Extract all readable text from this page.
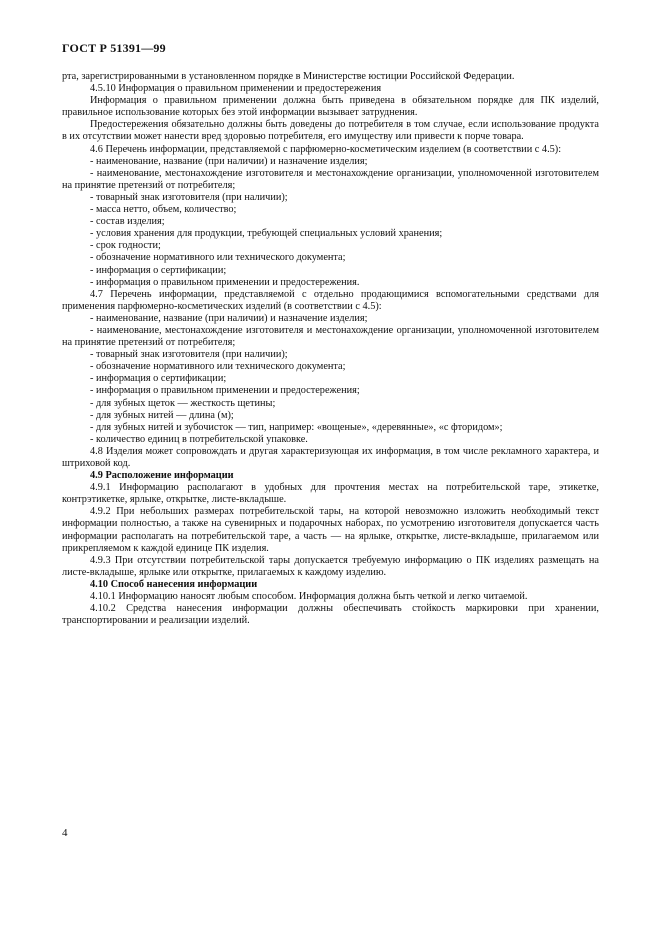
ГОСТ Р 51391—99

рта, зарегистрированными в установленном порядке в Министерстве юстиции Российской Федерации.

4.5.10 Информация о правильном применении и предостережения

Информация о правильном применении должна быть приведена в обязательном порядке для ПК изделий, правильное использование которых без этой информации вызывает затруднения.

Предостережения обязательно должны быть доведены до потребителя в том случае, если использование продукта в их отсутствии может нанести вред здоровью потребителя, его имуществу или привести к порче товара.

4.6 Перечень информации, представляемой с парфюмерно-косметическим изделием (в соответствии с 4.5):

- наименование, название (при наличии) и назначение изделия;

- наименование, местонахождение изготовителя и местонахождение организации, уполномоченной изготовителем на принятие претензий от потребителя;

- товарный знак изготовителя (при наличии);

- масса нетто, объем, количество;

- состав изделия;

- условия хранения для продукции, требующей специальных условий хранения;

- срок годности;

- обозначение нормативного или технического документа;

- информация о сертификации;

- информация о правильном применении и предостережения.

4.7 Перечень информации, представляемой с отдельно продающимися вспомогательными средствами для применения парфюмерно-косметических изделий (в соответствии с 4.5):

- наименование, название (при наличии) и назначение изделия;

- наименование, местонахождение изготовителя и местонахождение организации, уполномоченной изготовителем на принятие претензий от потребителя;

- товарный знак изготовителя (при наличии);

- обозначение нормативного или технического документа;

- информация о сертификации;

- информация о правильном применении и предостережения;

- для зубных щеток — жесткость щетины;

- для зубных нитей — длина (м);

- для зубных нитей и зубочисток — тип, например: «вощеные», «деревянные», «с фторидом»;

- количество единиц в потребительской упаковке.

4.8 Изделия может сопровождать и другая характеризующая их информация, в том числе рекламного характера, и штриховой код.

4.9 Расположение информации

4.9.1 Информацию располагают в удобных для прочтения местах на потребительской таре, этикетке, контрэтикетке, ярлыке, открытке, листе-вкладыше.

4.9.2 При небольших размерах потребительской тары, на которой невозможно изложить необходимый текст информации полностью, а также на сувенирных и подарочных наборах, по усмотрению изготовителя допускается часть информации располагать на потребительской таре, а часть — на ярлыке, открытке, листе-вкладыше, прилагаемом или прикрепляемом к каждой единице ПК изделия.

4.9.3 При отсутствии потребительской тары допускается требуемую информацию о ПК изделиях размещать на листе-вкладыше, ярлыке или открытке, прилагаемых к каждому изделию.

4.10 Способ нанесения информации

4.10.1 Информацию наносят любым способом. Информация должна быть четкой и легко читаемой.

4.10.2 Средства нанесения информации должны обеспечивать стойкость маркировки при хранении, транспортировании и реализации изделий.

4
